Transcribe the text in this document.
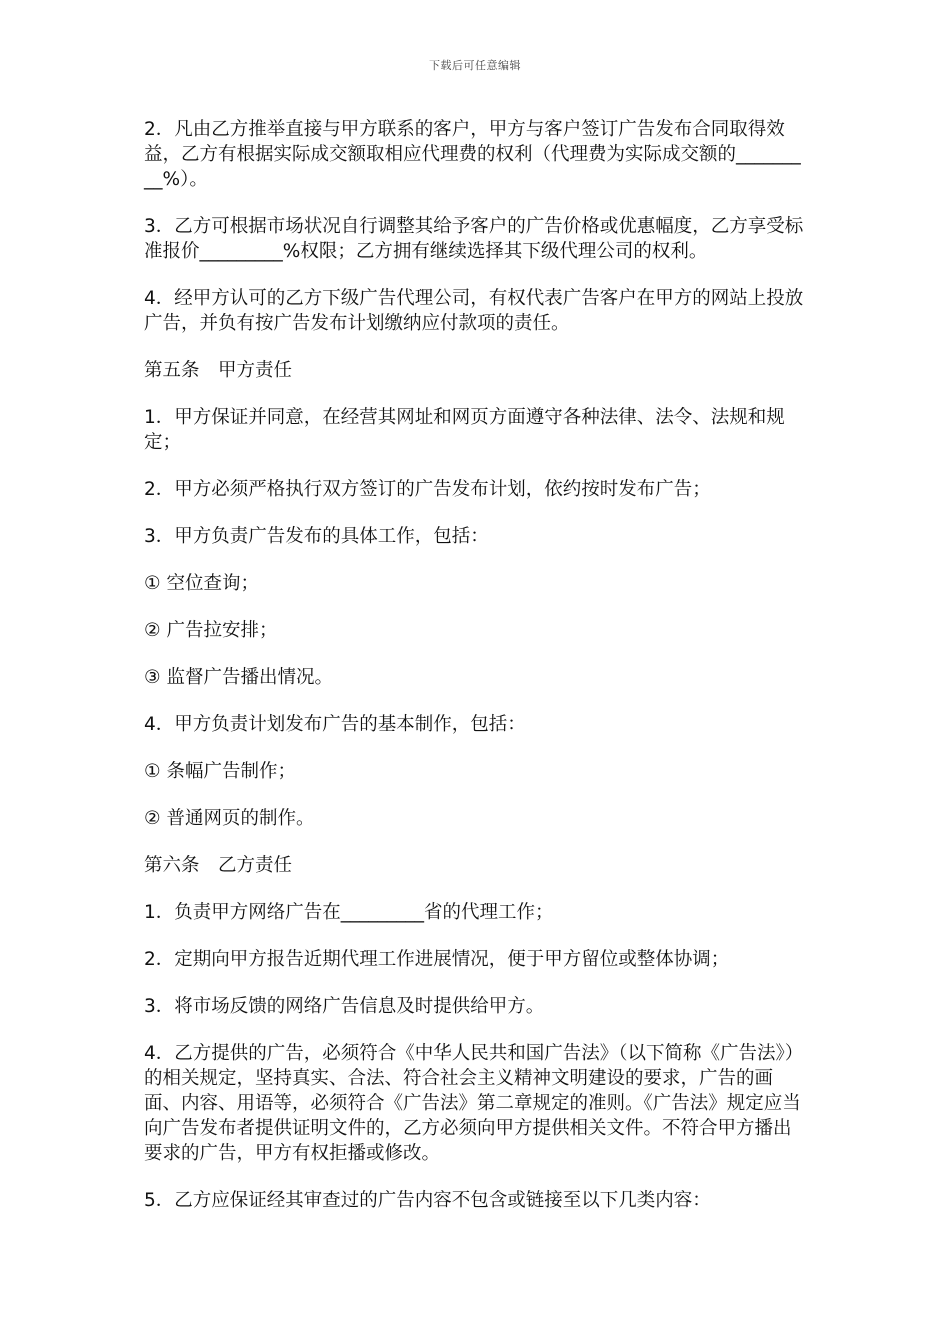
下载后可任意编辑

2．凡由乙方推举直接与甲方联系的客户，甲方与客户签订广告发布合同取得效益，乙方有根据实际成交额取相应代理费的权利（代理费为实际成交额的_________%）。

3．乙方可根据市场状况自行调整其给予客户的广告价格或优惠幅度，乙方享受标准报价_________%权限；乙方拥有继续选择其下级代理公司的权利。

4．经甲方认可的乙方下级广告代理公司，有权代表广告客户在甲方的网站上投放广告，并负有按广告发布计划缴纳应付款项的责任。

第五条　甲方责任

1．甲方保证并同意，在经营其网址和网页方面遵守各种法律、法令、法规和规定；

2．甲方必须严格执行双方签订的广告发布计划，依约按时发布广告；

3．甲方负责广告发布的具体工作，包括：

① 空位查询；

② 广告拉安排；

③ 监督广告播出情况。

4．甲方负责计划发布广告的基本制作，包括：

① 条幅广告制作；

② 普通网页的制作。

第六条　乙方责任

1．负责甲方网络广告在_________省的代理工作；

2．定期向甲方报告近期代理工作进展情况，便于甲方留位或整体协调；

3．将市场反馈的网络广告信息及时提供给甲方。

4．乙方提供的广告，必须符合《中华人民共和国广告法》（以下简称《广告法》）的相关规定，坚持真实、合法、符合社会主义精神文明建设的要求，广告的画面、内容、用语等，必须符合《广告法》第二章规定的准则。《广告法》规定应当向广告发布者提供证明文件的，乙方必须向甲方提供相关文件。不符合甲方播出要求的广告，甲方有权拒播或修改。

5．乙方应保证经其审查过的广告内容不包含或链接至以下几类内容：
